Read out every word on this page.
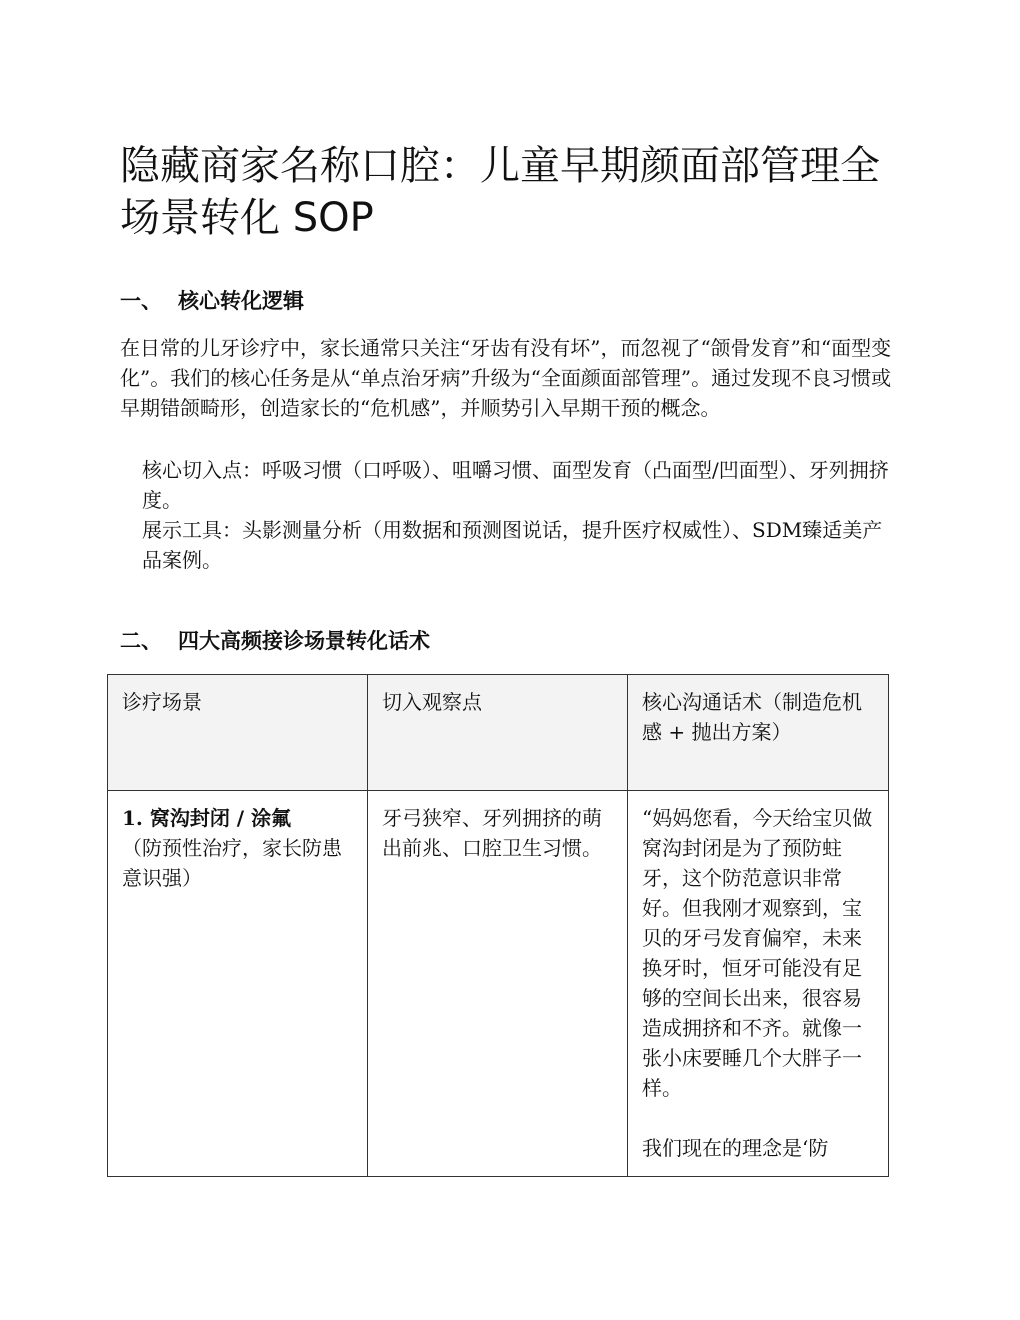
隐藏商家名称口腔：儿童早期颜面部管理全场景转化 SOP
一、 核心转化逻辑

在日常的儿牙诊疗中，家长通常只关注“牙齿有没有坏”，而忽视了“颌骨发育”和“面型变化”。我们的核心任务是从“单点治牙病”升级为“全面颜面部管理”。通过发现不良习惯或早期错颌畸形，创造家长的“危机感”，并顺势引入早期干预的概念。

核心切入点：呼吸习惯（口呼吸）、咀嚼习惯、面型发育（凸面型/凹面型）、牙列拥挤度。
展示工具：头影测量分析（用数据和预测图说话，提升医疗权威性）、SDM臻适美产品案例。
二、 四大高频接诊场景转化话术
诊疗场景	切入观察点	核心沟通话术（制造危机感 + 抛出方案）
1. 窝沟封闭 / 涂氟
（防预性治疗，家长防患意识强）	牙弓狭窄、牙列拥挤的萌出前兆、口腔卫生习惯。	“妈妈您看，今天给宝贝做窝沟封闭是为了预防蛀牙，这个防范意识非常好。但我刚才观察到，宝贝的牙弓发育偏窄，未来换牙时，恒牙可能没有足够的空间长出来，很容易造成拥挤和不齐。就像一张小床要睡几个大胖子一样。
我们现在的理念是‘防
